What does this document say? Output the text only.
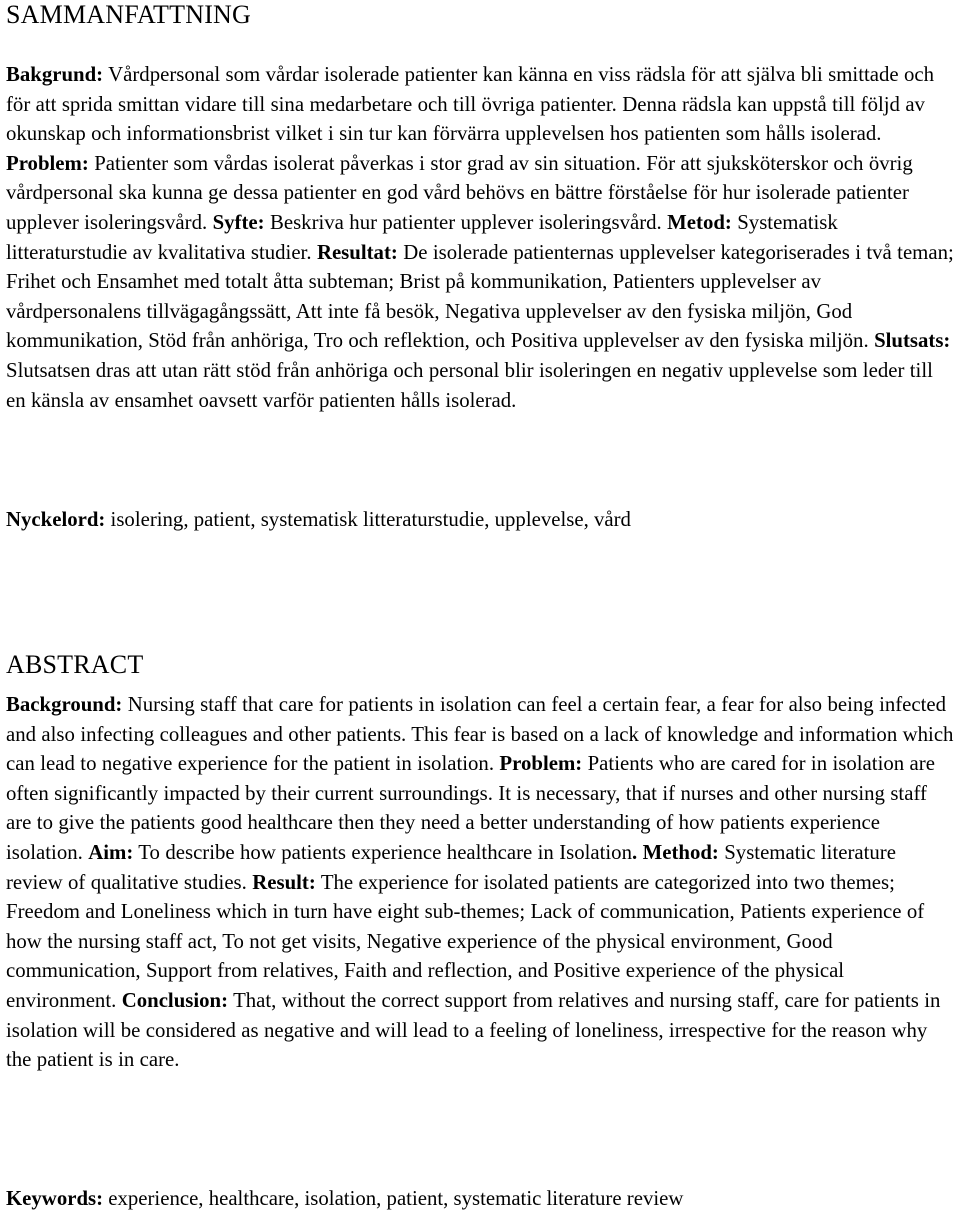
SAMMANFATTNING

Bakgrund: Vårdpersonal som vårdar isolerade patienter kan känna en viss rädsla för att själva bli smittade och för att sprida smittan vidare till sina medarbetare och till övriga patienter. Denna rädsla kan uppstå till följd av okunskap och informationsbrist vilket i sin tur kan förvärra upplevelsen hos patienten som hålls isolerad. Problem: Patienter som vårdas isolerat påverkas i stor grad av sin situation. För att sjuksköterskor och övrig vårdpersonal ska kunna ge dessa patienter en god vård behövs en bättre förståelse för hur isolerade patienter upplever isoleringsvård. Syfte: Beskriva hur patienter upplever isoleringsvård. Metod: Systematisk litteraturstudie av kvalitativa studier. Resultat: De isolerade patienternas upplevelser kategoriserades i två teman; Frihet och Ensamhet med totalt åtta subteman; Brist på kommunikation, Patienters upplevelser av vårdpersonalens tillvägagångssätt, Att inte få besök, Negativa upplevelser av den fysiska miljön, God kommunikation, Stöd från anhöriga, Tro och reflektion, och Positiva upplevelser av den fysiska miljön. Slutsats: Slutsatsen dras att utan rätt stöd från anhöriga och personal blir isoleringen en negativ upplevelse som leder till en känsla av ensamhet oavsett varför patienten hålls isolerad.

Nyckelord: isolering, patient, systematisk litteraturstudie, upplevelse, vård

ABSTRACT

Background: Nursing staff that care for patients in isolation can feel a certain fear, a fear for also being infected and also infecting colleagues and other patients. This fear is based on a lack of knowledge and information which can lead to negative experience for the patient in isolation. Problem: Patients who are cared for in isolation are often significantly impacted by their current surroundings. It is necessary, that if nurses and other nursing staff are to give the patients good healthcare then they need a better understanding of how patients experience isolation. Aim: To describe how patients experience healthcare in Isolation. Method: Systematic literature review of qualitative studies. Result: The experience for isolated patients are categorized into two themes; Freedom and Loneliness which in turn have eight sub-themes; Lack of communication, Patients experience of how the nursing staff act, To not get visits, Negative experience of the physical environment, Good communication, Support from relatives, Faith and reflection, and Positive experience of the physical environment. Conclusion: That, without the correct support from relatives and nursing staff, care for patients in isolation will be considered as negative and will lead to a feeling of loneliness, irrespective for the reason why the patient is in care.

Keywords: experience, healthcare, isolation, patient, systematic literature review
